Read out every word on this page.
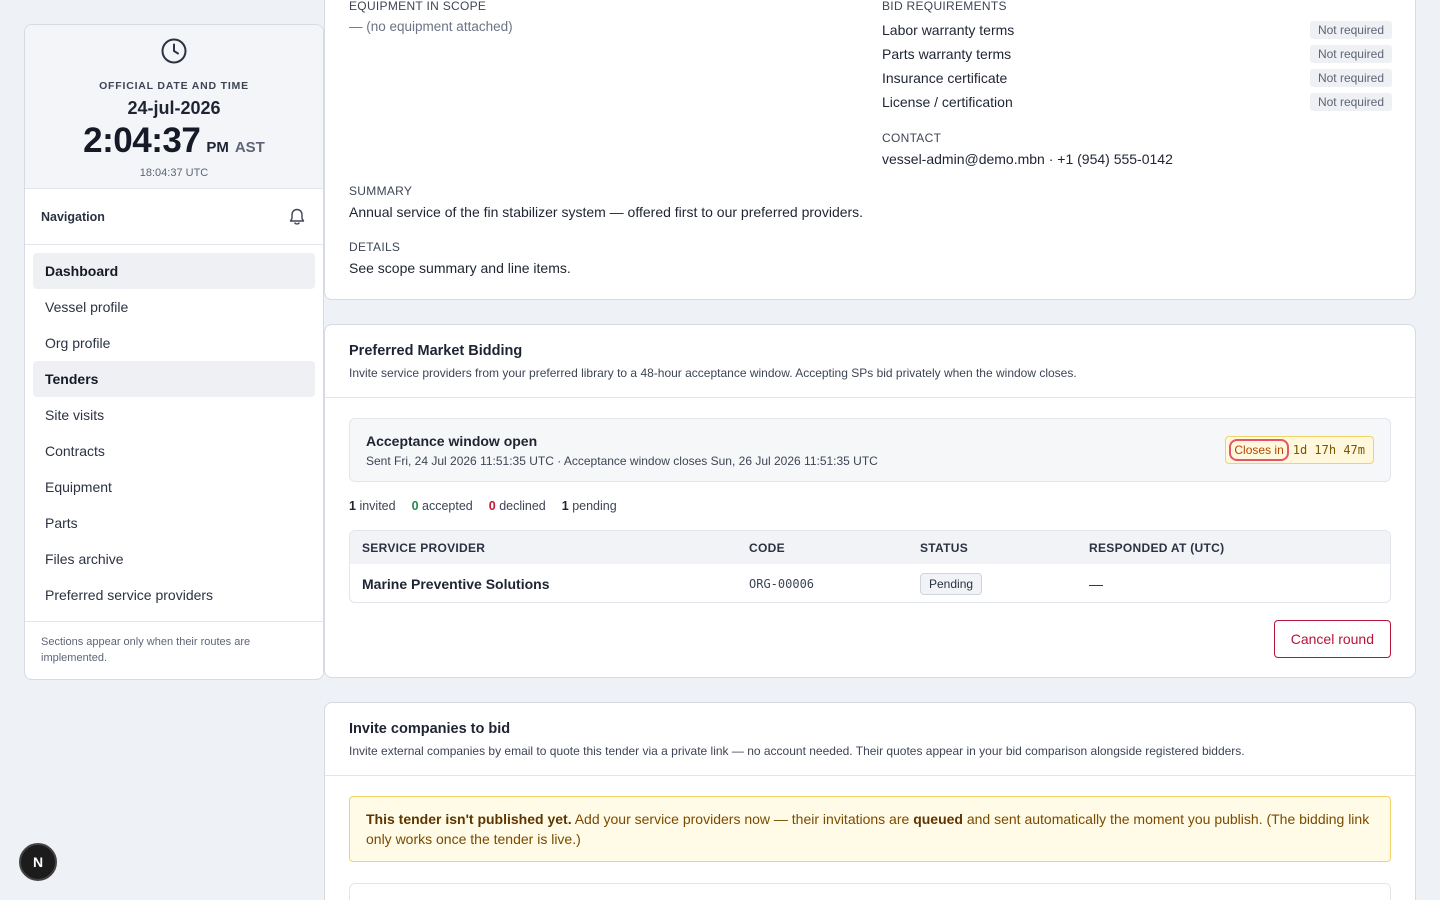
OFFICIAL DATE AND TIME
24-jul-2026
2:04:37 PM AST
18:04:37 UTC
Navigation
Dashboard
Vessel profile
Org profile
Tenders
Site visits
Contracts
Equipment
Parts
Files archive
Preferred service providers
Sections appear only when their routes are implemented.
EQUIPMENT IN SCOPE
— (no equipment attached)
BID REQUIREMENTS
Labor warranty terms	Not required
Parts warranty terms	Not required
Insurance certificate	Not required
License / certification	Not required
CONTACT
vessel-admin@demo.mbn · +1 (954) 555-0142
SUMMARY
Annual service of the fin stabilizer system — offered first to our preferred providers.
DETAILS
See scope summary and line items.
Preferred Market Bidding
Invite service providers from your preferred library to a 48-hour acceptance window. Accepting SPs bid privately when the window closes.
Acceptance window open
Sent Fri, 24 Jul 2026 11:51:35 UTC · Acceptance window closes Sun, 26 Jul 2026 11:51:35 UTC
Closes in 1d 17h 47m
1 invited 0 accepted 0 declined 1 pending
SERVICE PROVIDER	CODE	STATUS	RESPONDED AT (UTC)
Marine Preventive Solutions	ORG-00006	Pending	—
Cancel round
Invite companies to bid
Invite external companies by email to quote this tender via a private link — no account needed. Their quotes appear in your bid comparison alongside registered bidders.
This tender isn't published yet. Add your service providers now — their invitations are queued and sent automatically the moment you publish. (The bidding link only works once the tender is live.)
N
